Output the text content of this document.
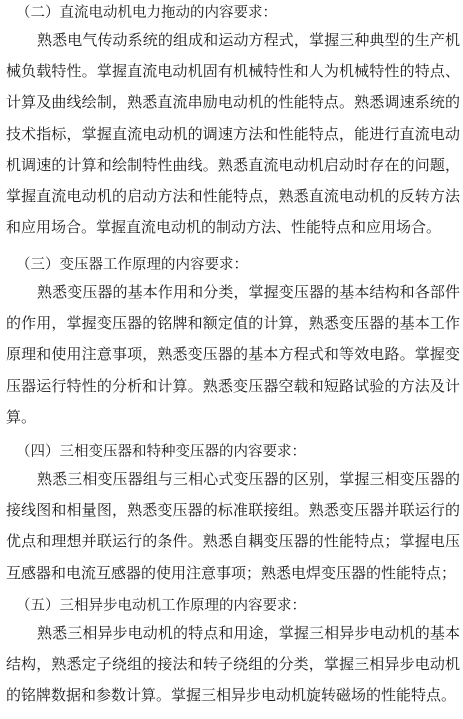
（二）直流电动机电力拖动的内容要求：
熟悉电气传动系统的组成和运动方程式，掌握三种典型的生产机械负载特性。掌握直流电动机固有机械特性和人为机械特性的特点、计算及曲线绘制，熟悉直流串励电动机的性能特点。熟悉调速系统的技术指标，掌握直流电动机的调速方法和性能特点，能进行直流电动机调速的计算和绘制特性曲线。熟悉直流电动机启动时存在的问题，掌握直流电动机的启动方法和性能特点，熟悉直流电动机的反转方法和应用场合。掌握直流电动机的制动方法、性能特点和应用场合。
（三）变压器工作原理的内容要求：
熟悉变压器的基本作用和分类，掌握变压器的基本结构和各部件的作用，掌握变压器的铭牌和额定值的计算，熟悉变压器的基本工作原理和使用注意事项，熟悉变压器的基本方程式和等效电路。掌握变压器运行特性的分析和计算。熟悉变压器空载和短路试验的方法及计算。
（四）三相变压器和特种变压器的内容要求：
熟悉三相变压器组与三相心式变压器的区别，掌握三相变压器的接线图和相量图，熟悉变压器的标准联接组。熟悉变压器并联运行的优点和理想并联运行的条件。熟悉自耦变压器的性能特点；掌握电压互感器和电流互感器的使用注意事项；熟悉电焊变压器的性能特点；
（五）三相异步电动机工作原理的内容要求：
熟悉三相异步电动机的特点和用途，掌握三相异步电动机的基本结构，熟悉定子绕组的接法和转子绕组的分类，掌握三相异步电动机的铭牌数据和参数计算。掌握三相异步电动机旋转磁场的性能特点。
